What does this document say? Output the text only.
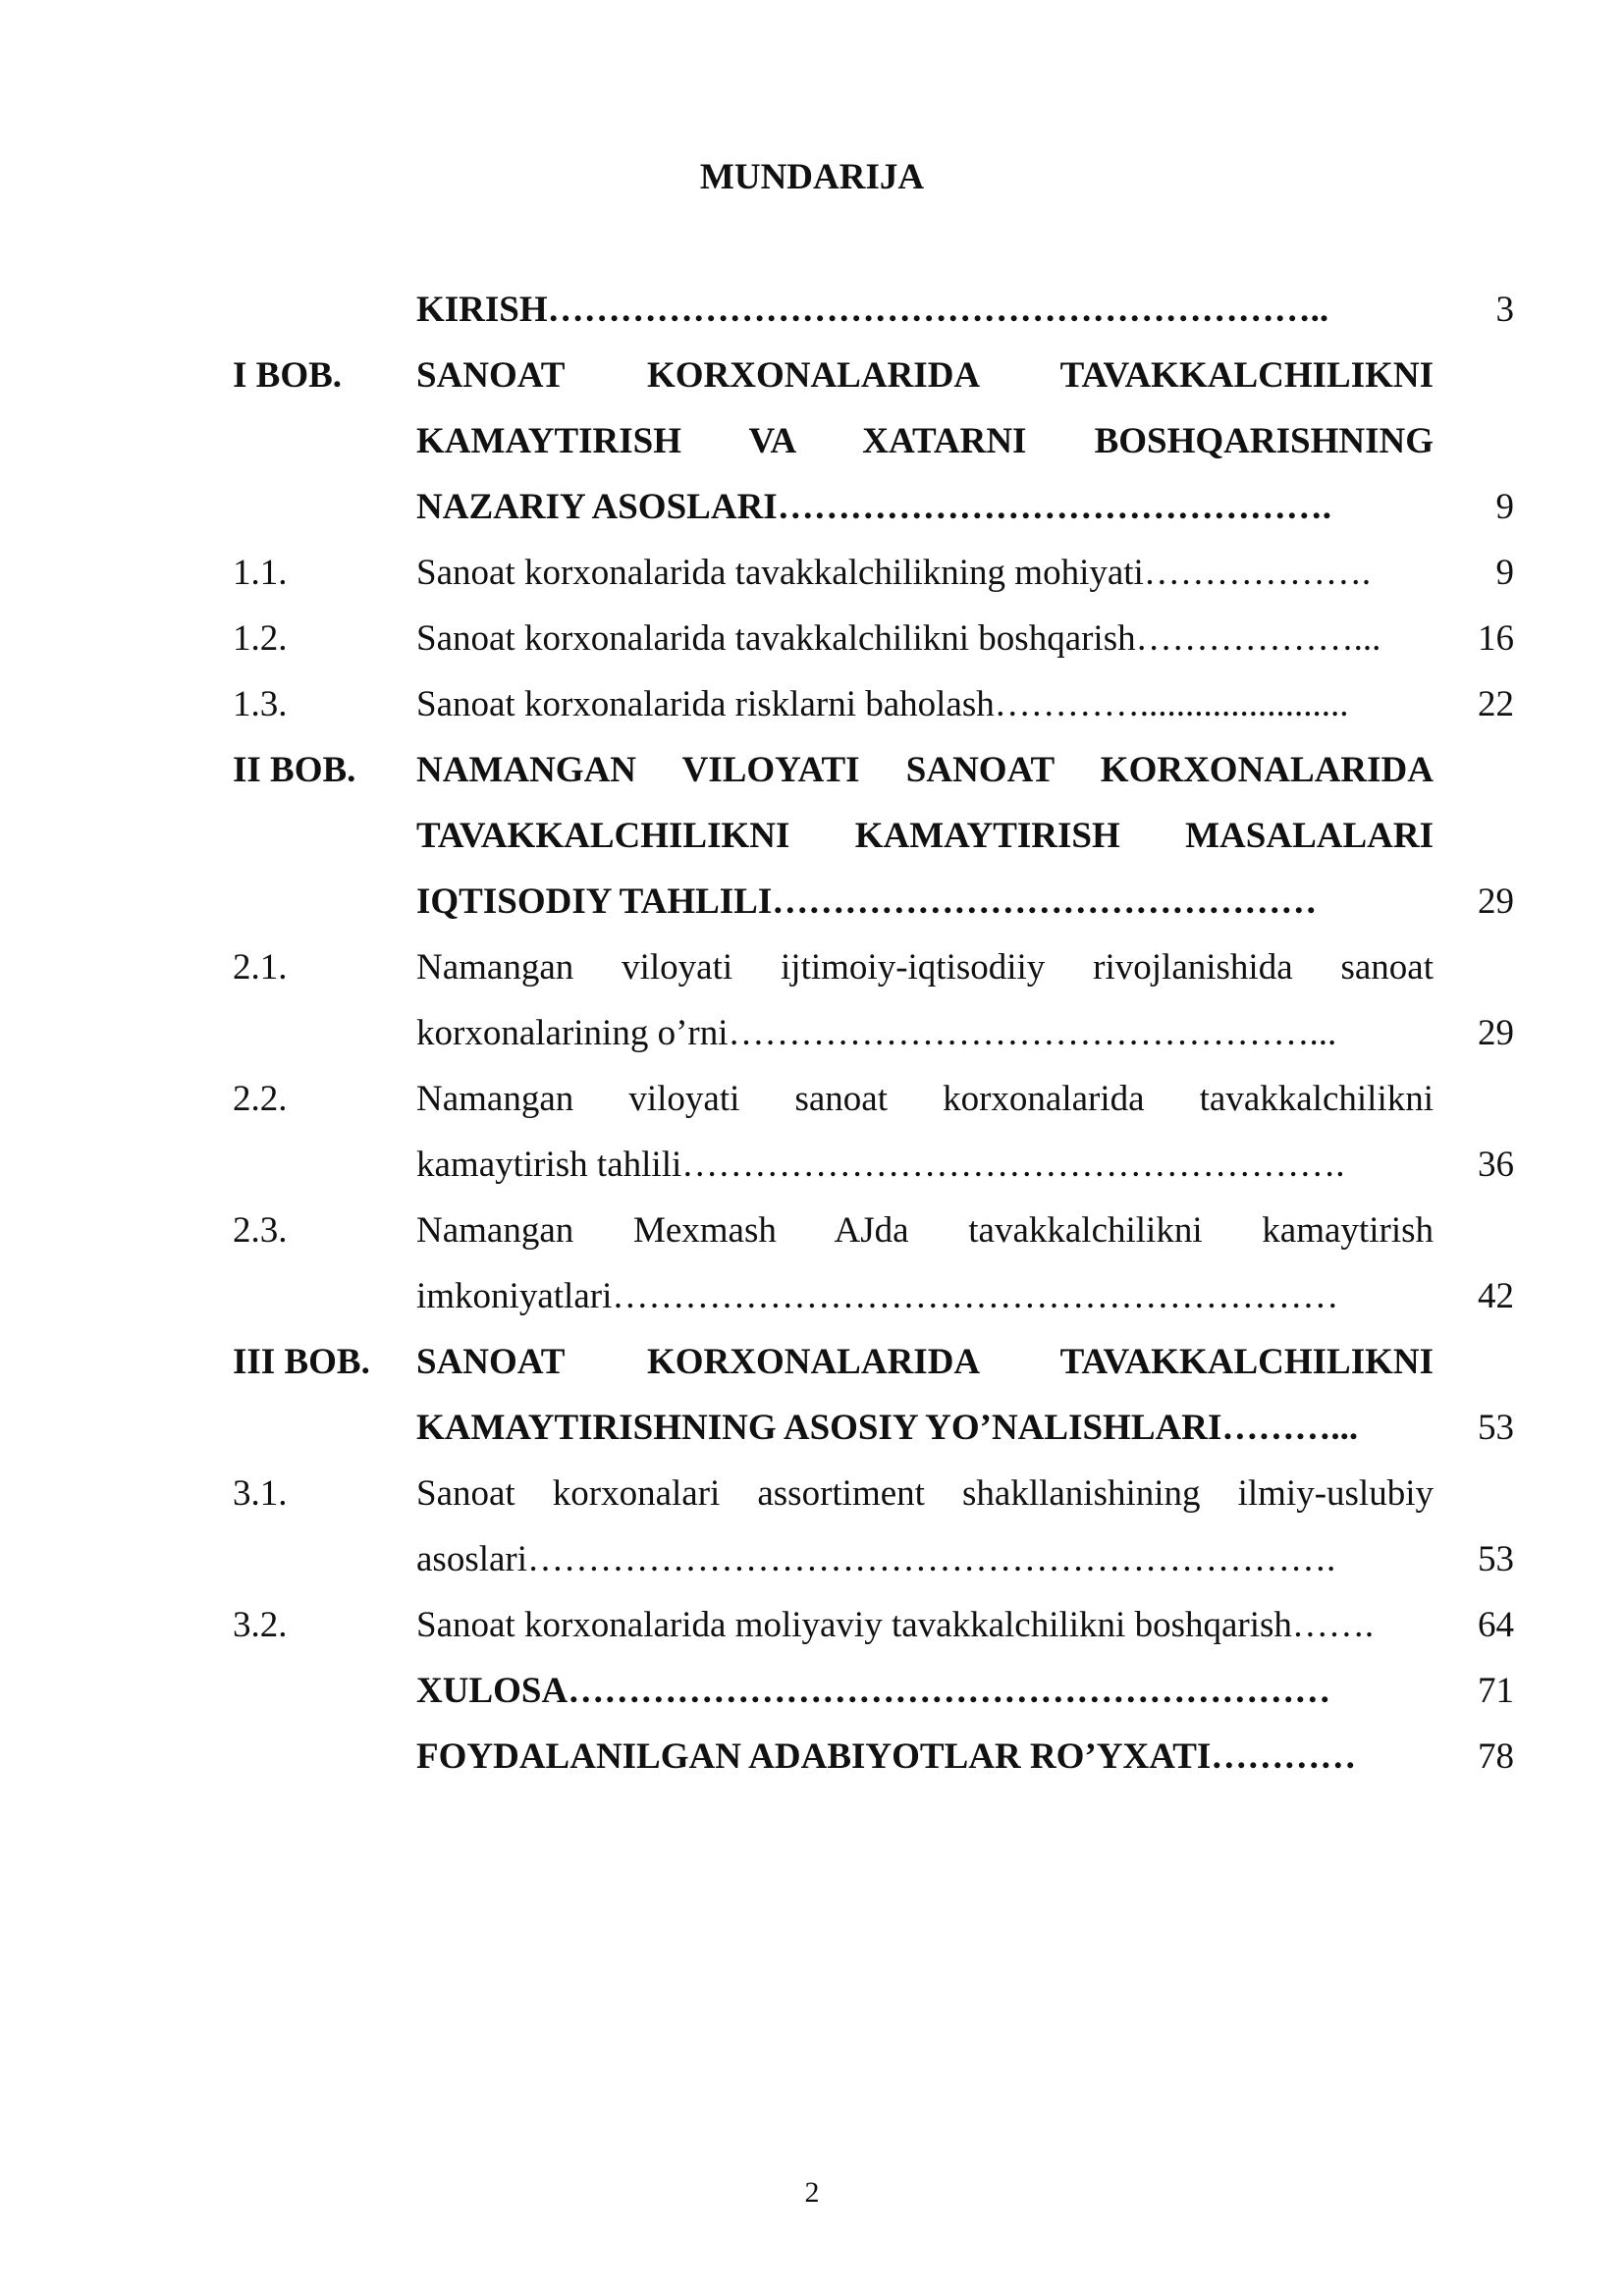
MUNDARIJA
KIRISH………………………………………………………..	3
I BOB.	SANOAT KORXONALARIDA TAVAKKALCHILIKNI
KAMAYTIRISH VA XATARNI BOSHQARISHNING
NAZARIY ASOSLARI……………………………………….	9
1.1.	Sanoat korxonalarida tavakkalchilikning mohiyati……………….	9
1.2.	Sanoat korxonalarida tavakkalchilikni boshqarish………………...	16
1.3.	Sanoat korxonalarida risklarni baholash………….......................	22
II BOB.	NAMANGAN VILOYATI SANOAT KORXONALARIDA
TAVAKKALCHILIKNI KAMAYTIRISH MASALALARI
IQTISODIY TAHLILI………………………………………	29
2.1.	Namangan viloyati ijtimoiy-iqtisodiiy rivojlanishida sanoat
korxonalarining o’rni…………………………………………...	29
2.2.	Namangan viloyati sanoat korxonalarida tavakkalchilikni
kamaytirish tahlili……………………………………………….	36
2.3.	Namangan Mexmash AJda tavakkalchilikni kamaytirish
imkoniyatlari……………………………………………………	42
III BOB.	SANOAT KORXONALARIDA TAVAKKALCHILIKNI
KAMAYTIRISHNING ASOSIY YO’NALISHLARI………...	53
3.1.	Sanoat korxonalari assortiment shakllanishining ilmiy-uslubiy
asoslari………………………………………………………….	53
3.2.	Sanoat korxonalarida moliyaviy tavakkalchilikni boshqarish…….	64
XULOSA………………………………………………………	71
FOYDALANILGAN ADABIYOTLAR RO’YXATI…………	78
2
